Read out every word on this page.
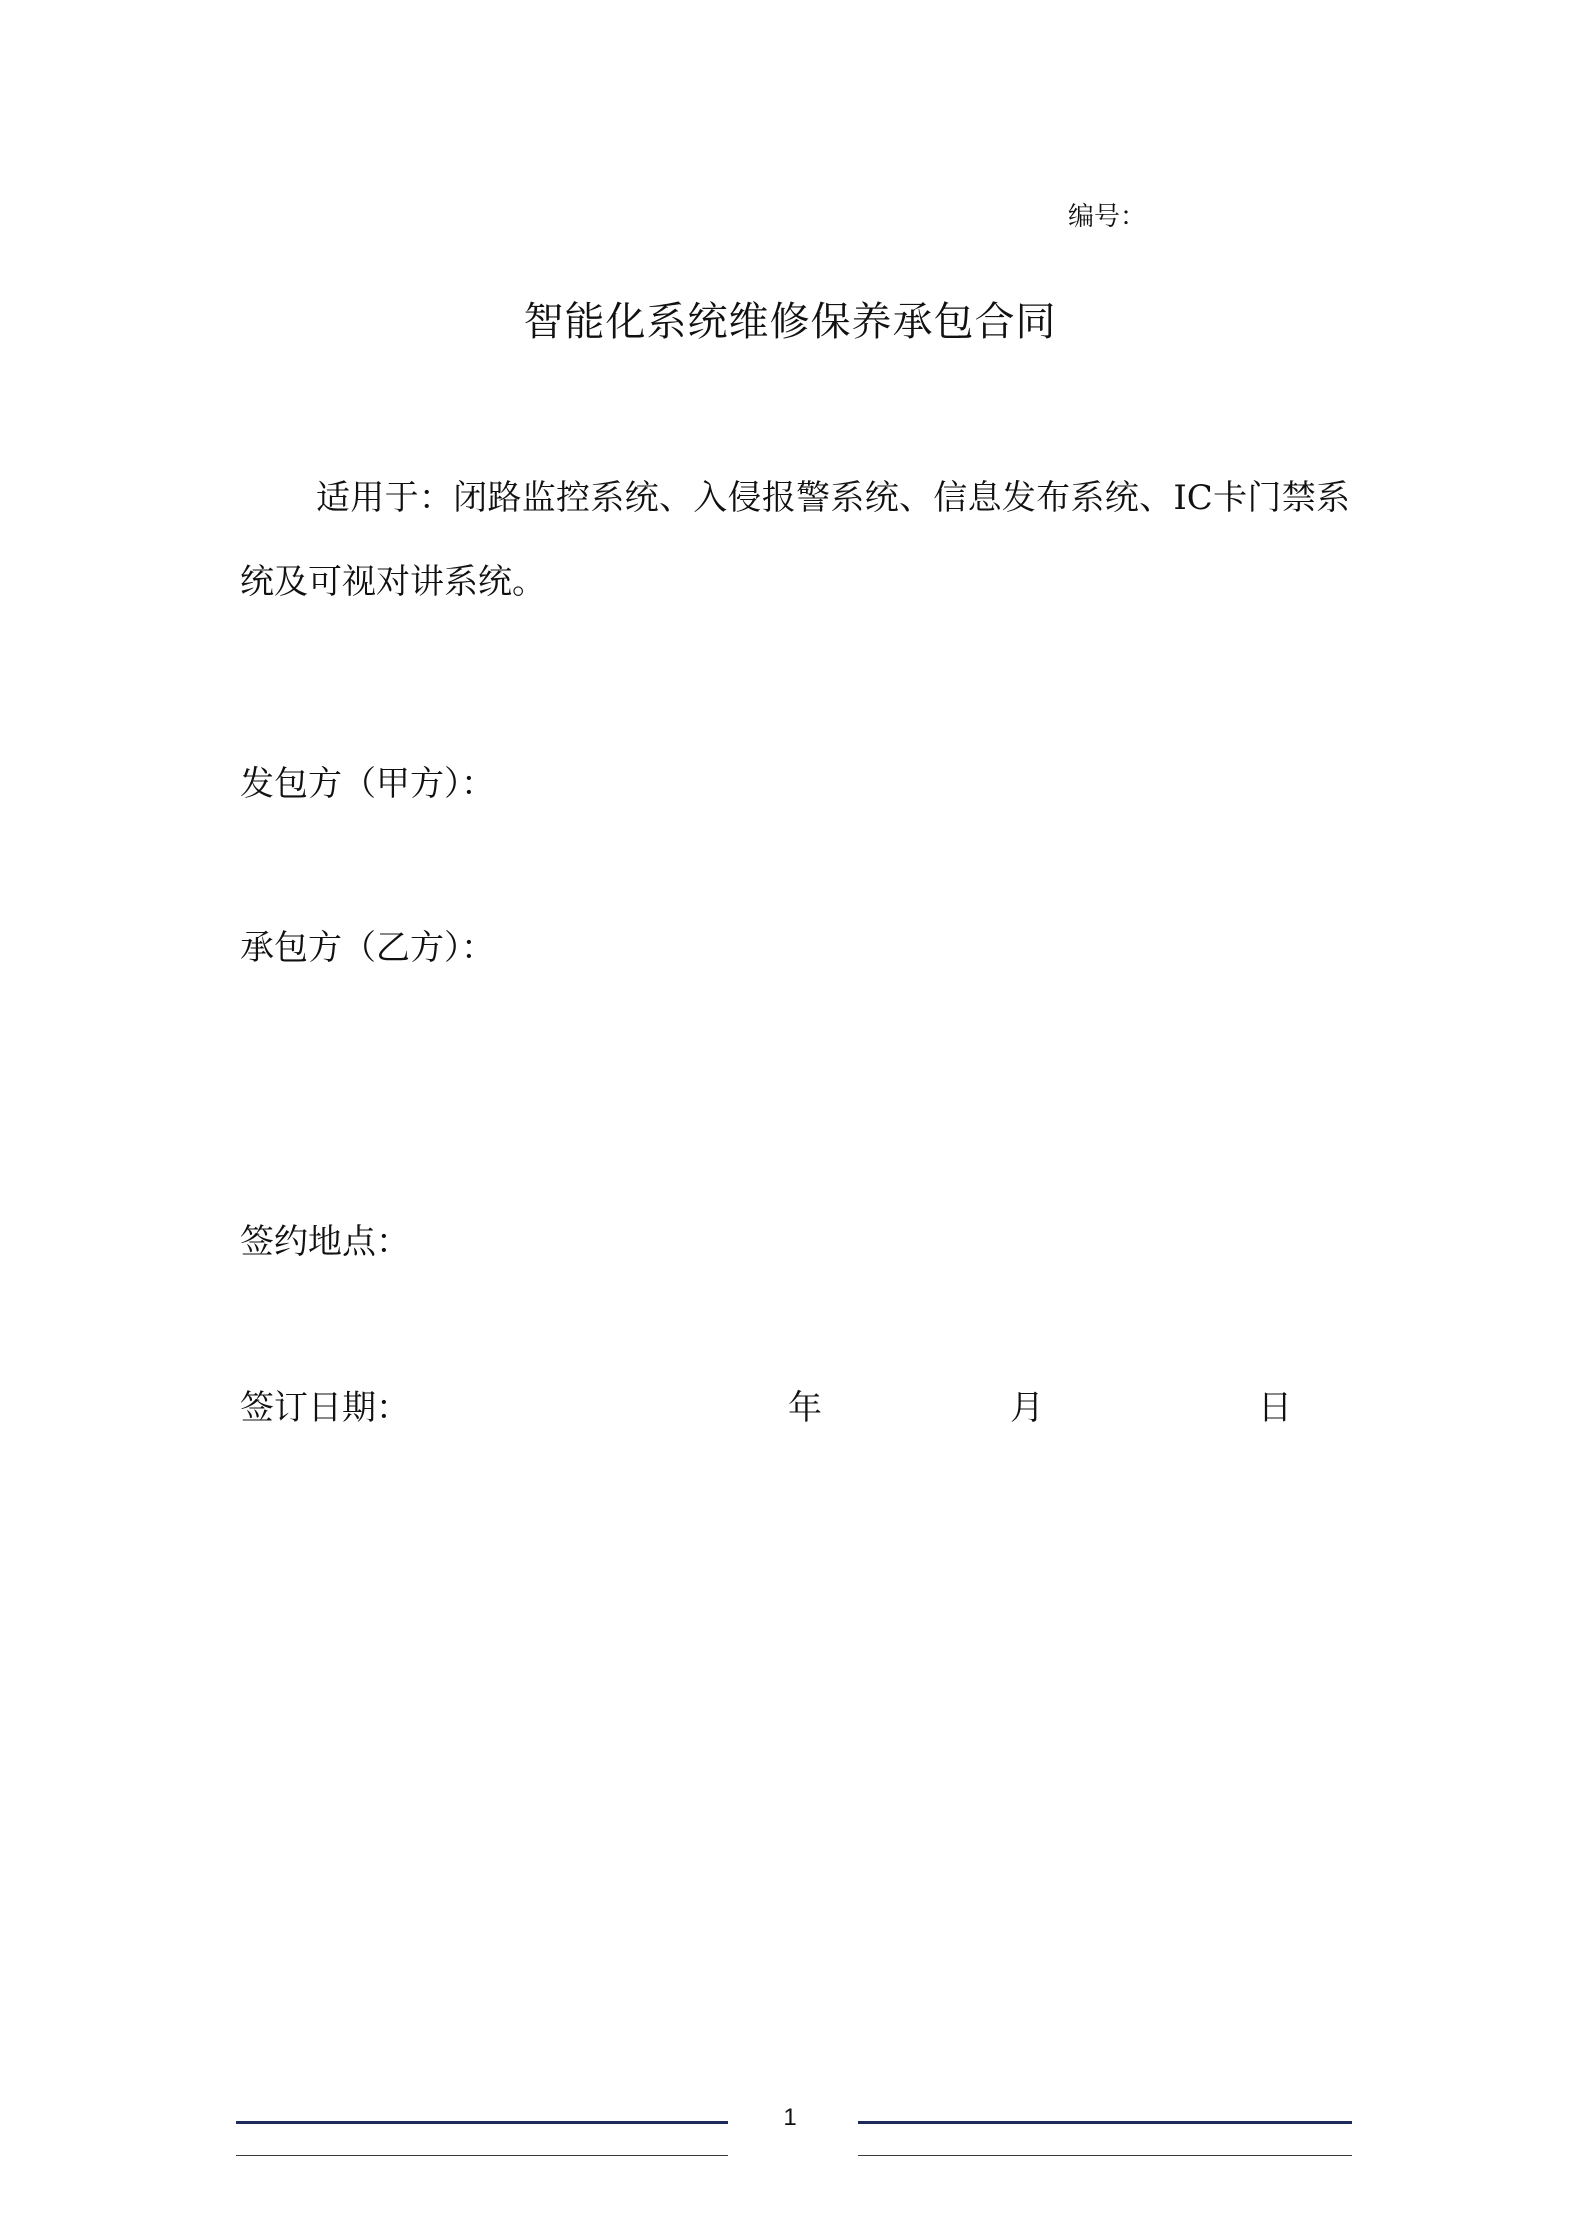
编号：
智能化系统维修保养承包合同
适用于：闭路监控系统、入侵报警系统、信息发布系统、IC卡门禁系统及可视对讲系统。
发包方（甲方）：
承包方（乙方）：
签约地点：
签订日期：	年	月	日
1
